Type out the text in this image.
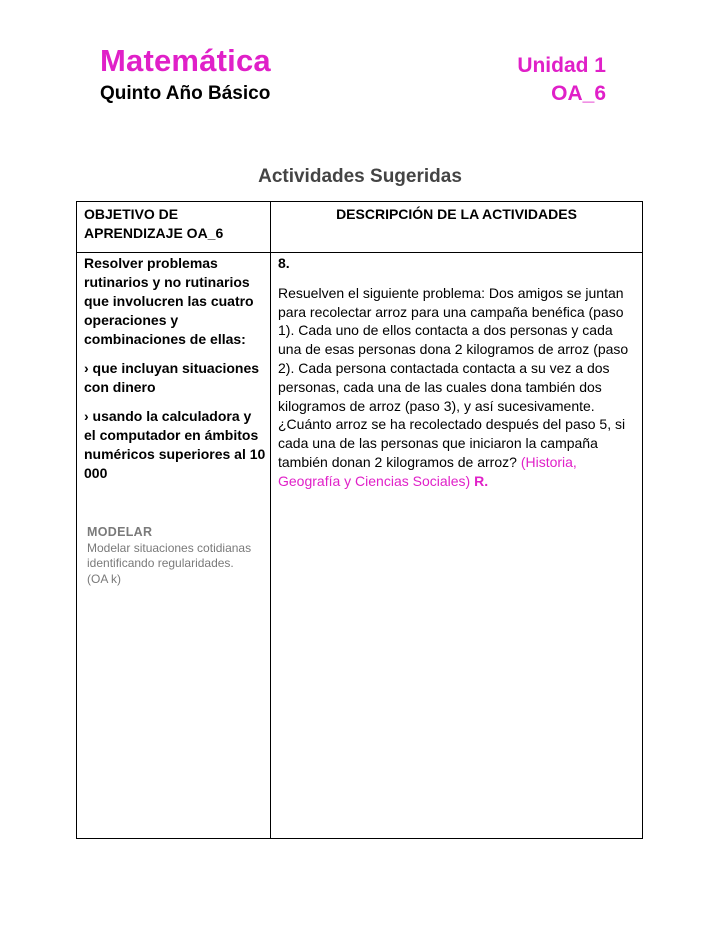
Matemática
Quinto Año Básico
Unidad 1
OA_6
Actividades Sugeridas
OBJETIVO DE APRENDIZAJE OA_6
DESCRIPCIÓN DE LA ACTIVIDADES

Resolver problemas rutinarios y no rutinarios que involucren las cuatro operaciones y combinaciones de ellas:

› que incluyan situaciones con dinero

› usando la calculadora y el computador en ámbitos numéricos superiores al 10 000

MODELAR
Modelar situaciones cotidianas identificando regularidades.
(OA k)

8.

Resuelven el siguiente problema: Dos amigos se juntan para recolectar arroz para una campaña benéfica (paso 1). Cada uno de ellos contacta a dos personas y cada una de esas personas dona 2 kilogramos de arroz (paso 2). Cada persona contactada contacta a su vez a dos personas, cada una de las cuales dona también dos kilogramos de arroz (paso 3), y así sucesivamente. ¿Cuánto arroz se ha recolectado después del paso 5, si cada una de las personas que iniciaron la campaña también donan 2 kilogramos de arroz? (Historia, Geografía y Ciencias Sociales) R.
